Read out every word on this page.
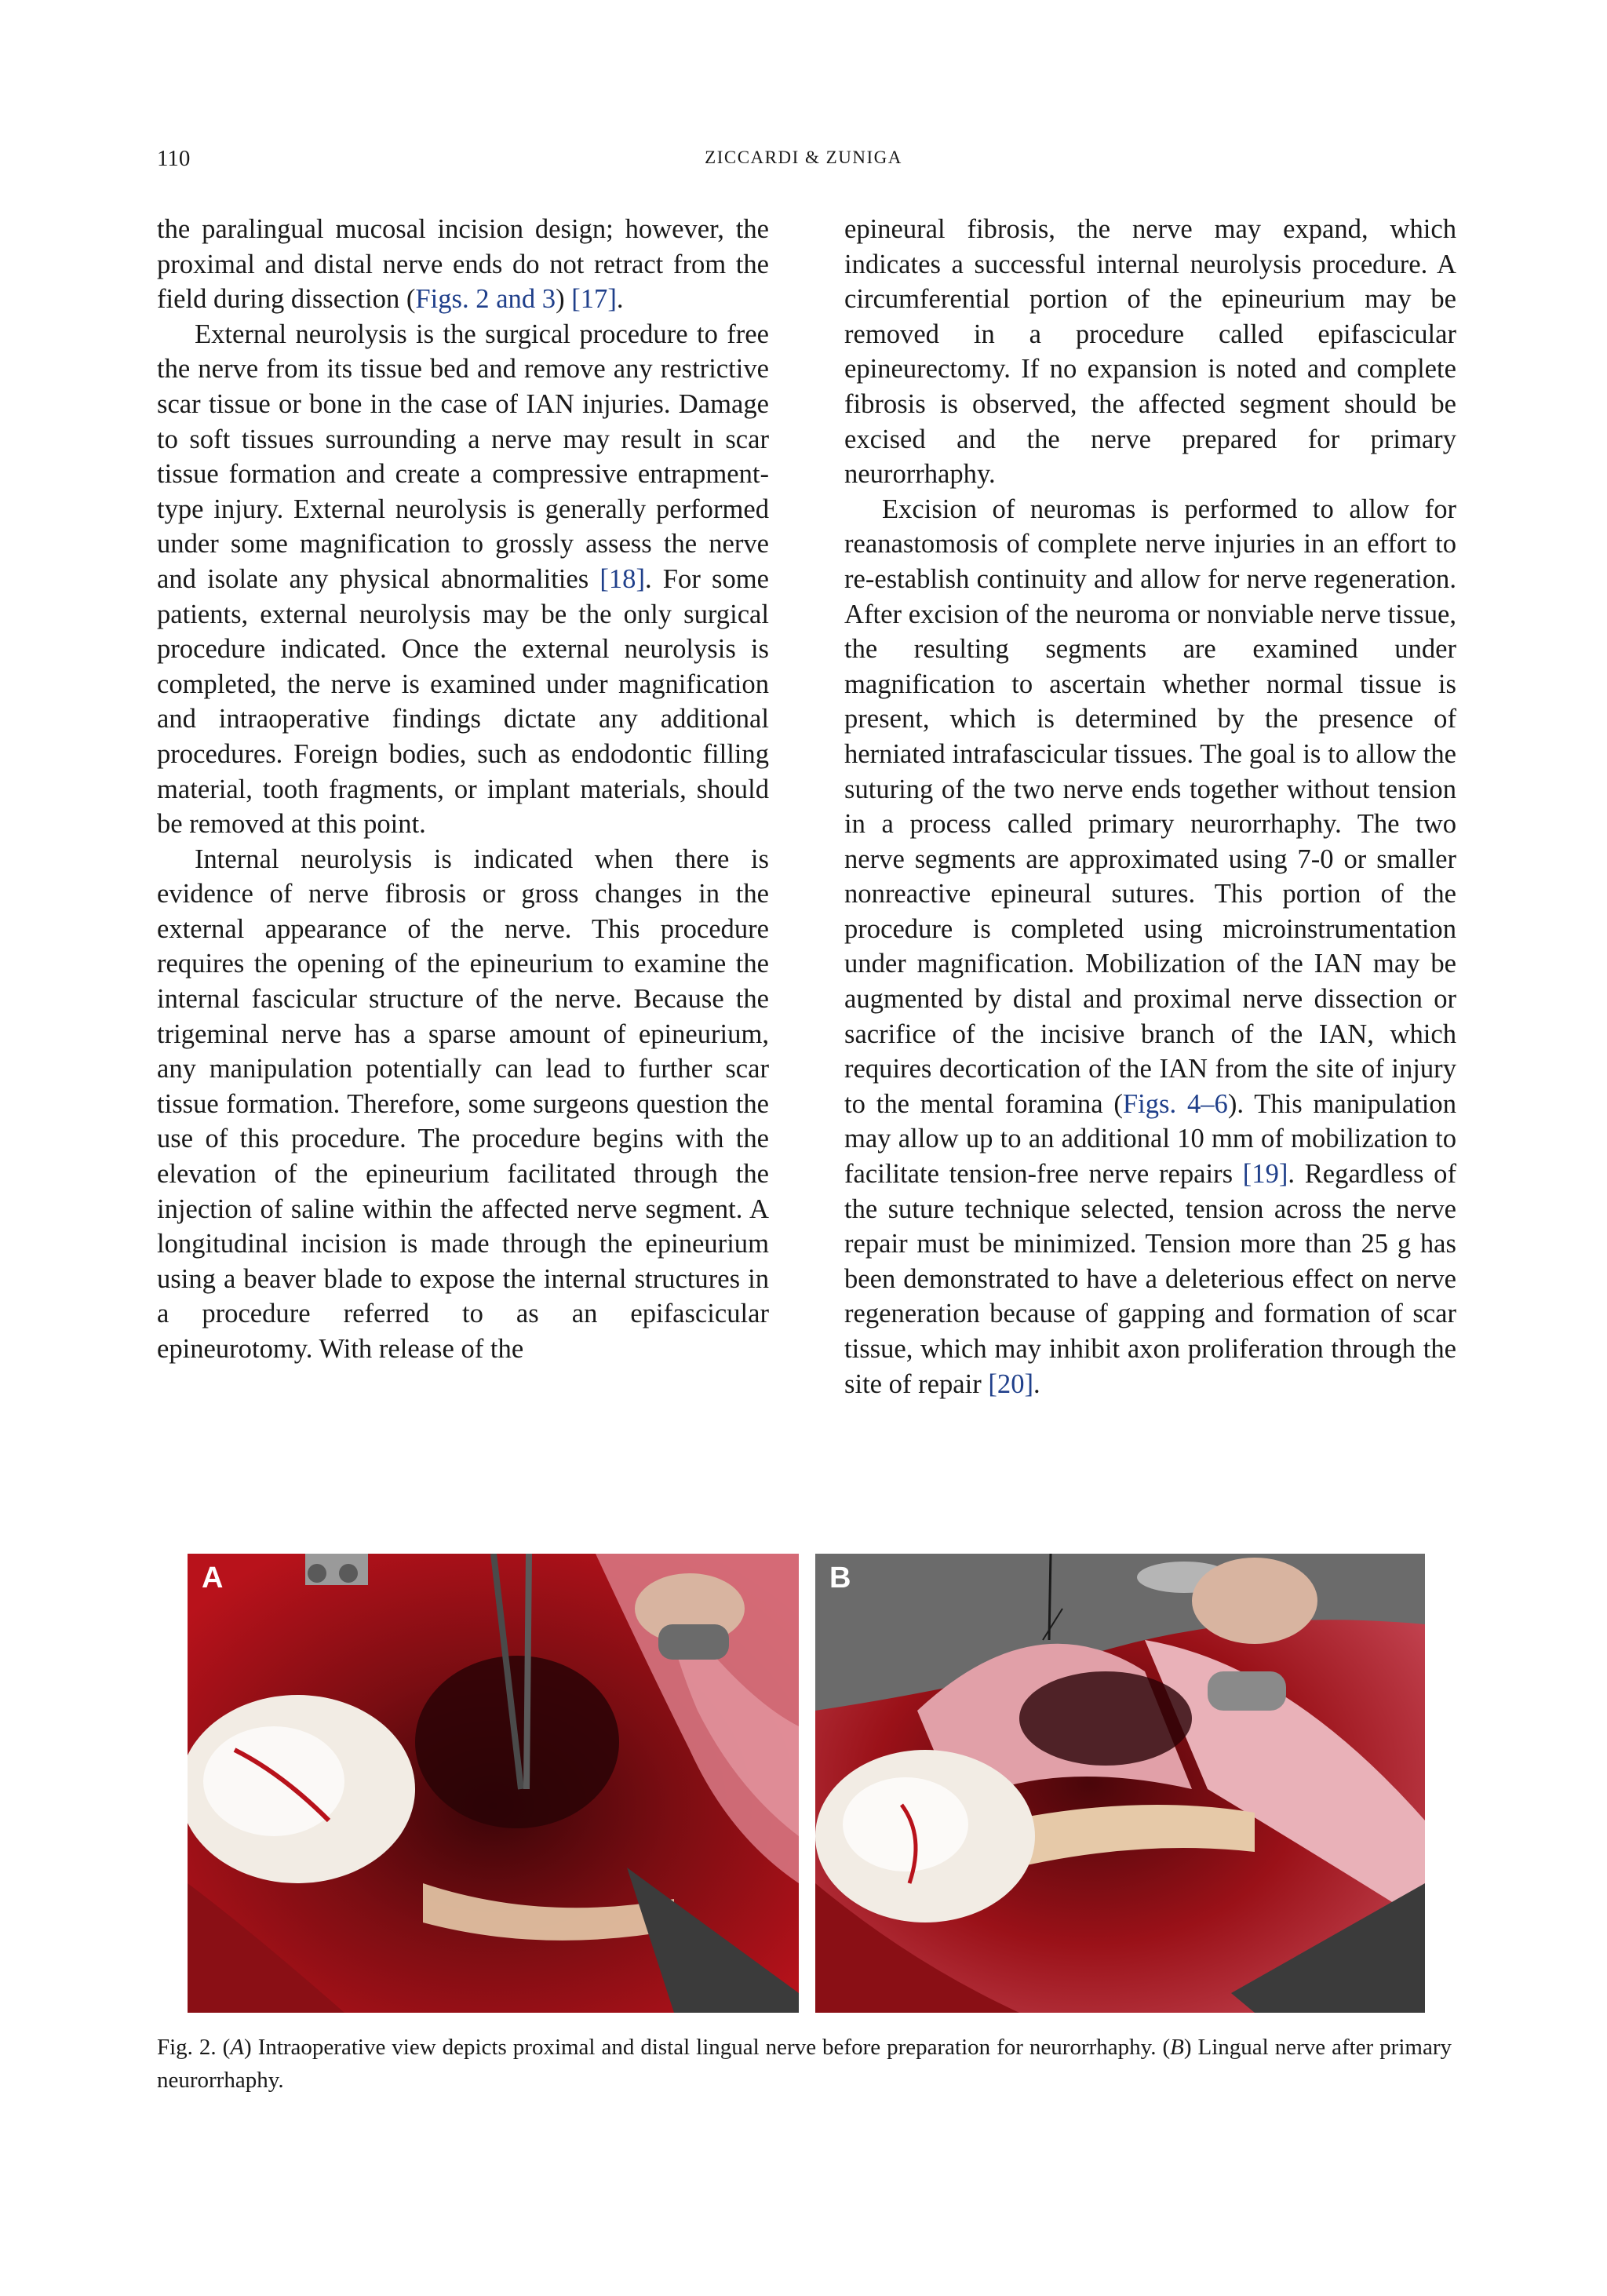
110	ZICCARDI & ZUNIGA

the paralingual mucosal incision design; however, the proximal and distal nerve ends do not retract from the field during dissection (Figs. 2 and 3) [17].

External neurolysis is the surgical procedure to free the nerve from its tissue bed and remove any restrictive scar tissue or bone in the case of IAN injuries. Damage to soft tissues surrounding a nerve may result in scar tissue formation and create a compressive entrapment-type injury. External neurolysis is generally performed under some magnification to grossly assess the nerve and isolate any physical abnormalities [18]. For some patients, external neurolysis may be the only surgical procedure indicated. Once the external neurolysis is completed, the nerve is examined under magnification and intraoperative findings dictate any additional procedures. Foreign bodies, such as endodontic filling material, tooth fragments, or implant materials, should be removed at this point.

Internal neurolysis is indicated when there is evidence of nerve fibrosis or gross changes in the external appearance of the nerve. This procedure requires the opening of the epineurium to examine the internal fascicular structure of the nerve. Because the trigeminal nerve has a sparse amount of epineurium, any manipulation potentially can lead to further scar tissue formation. Therefore, some surgeons question the use of this procedure. The procedure begins with the elevation of the epineurium facilitated through the injection of saline within the affected nerve segment. A longitudinal incision is made through the epineurium using a beaver blade to expose the internal structures in a procedure referred to as an epifascicular epineurotomy. With release of the

epineural fibrosis, the nerve may expand, which indicates a successful internal neurolysis procedure. A circumferential portion of the epineurium may be removed in a procedure called epifascicular epineurectomy. If no expansion is noted and complete fibrosis is observed, the affected segment should be excised and the nerve prepared for primary neurorrhaphy.

Excision of neuromas is performed to allow for reanastomosis of complete nerve injuries in an effort to re-establish continuity and allow for nerve regeneration. After excision of the neuroma or nonviable nerve tissue, the resulting segments are examined under magnification to ascertain whether normal tissue is present, which is determined by the presence of herniated intrafascicular tissues. The goal is to allow the suturing of the two nerve ends together without tension in a process called primary neurorrhaphy. The two nerve segments are approximated using 7-0 or smaller nonreactive epineural sutures. This portion of the procedure is completed using microinstrumentation under magnification. Mobilization of the IAN may be augmented by distal and proximal nerve dissection or sacrifice of the incisive branch of the IAN, which requires decortication of the IAN from the site of injury to the mental foramina (Figs. 4–6). This manipulation may allow up to an additional 10 mm of mobilization to facilitate tension-free nerve repairs [19]. Regardless of the suture technique selected, tension across the nerve repair must be minimized. Tension more than 25 g has been demonstrated to have a deleterious effect on nerve regeneration because of gapping and formation of scar tissue, which may inhibit axon proliferation through the site of repair [20].

A	B
Fig. 2. (A) Intraoperative view depicts proximal and distal lingual nerve before preparation for neurorrhaphy. (B) Lingual nerve after primary neurorrhaphy.
